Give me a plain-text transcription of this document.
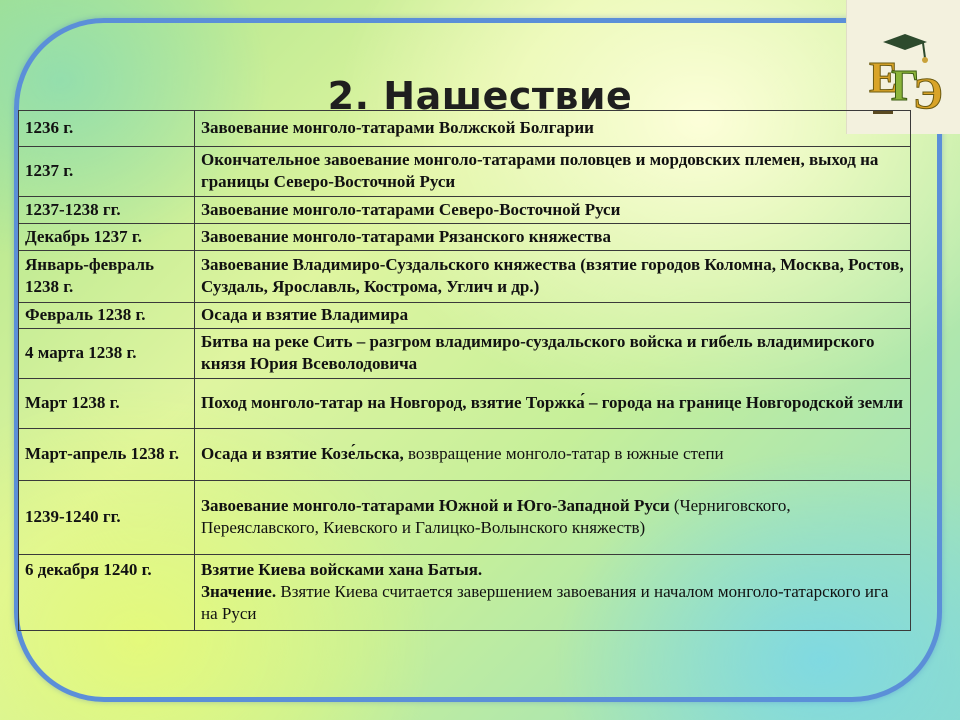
Е
Г
Э
2. Нашествие
1236 г.	Завоевание монголо-татарами Волжской Болгарии
1237 г.	Окончательное завоевание монголо-татарами половцев и мордовских племен, выход на границы Северо-Восточной Руси
1237-1238 гг.	Завоевание монголо-татарами Северо-Восточной Руси
Декабрь 1237 г.	Завоевание монголо-татарами Рязанского княжества
Январь-февраль 1238 г.	Завоевание Владимиро-Суздальского княжества (взятие городов Коломна, Москва, Ростов, Суздаль, Ярославль, Кострома, Углич и др.)
Февраль 1238 г.	Осада и взятие Владимира
4 марта 1238 г.	Битва на реке Сить – разгром владимиро-суздальского войска и гибель владимирского князя Юрия Всеволодовича
Март 1238 г.	Поход монголо-татар на Новгород, взятие Торжка́ – города на границе Новгородской земли
Март-апрель 1238 г.	Осада и взятие Козе́льска, возвращение монголо-татар в южные степи
1239-1240 гг.	Завоевание монголо-татарами Южной и Юго-Западной Руси (Черниговского, Переяславского, Киевского и Галицко-Волынского княжеств)
6 декабря 1240 г.	Взятие Киева войсками хана Батыя.
Значение. Взятие Киева считается завершением завоевания и началом монголо-татарского ига на Руси
